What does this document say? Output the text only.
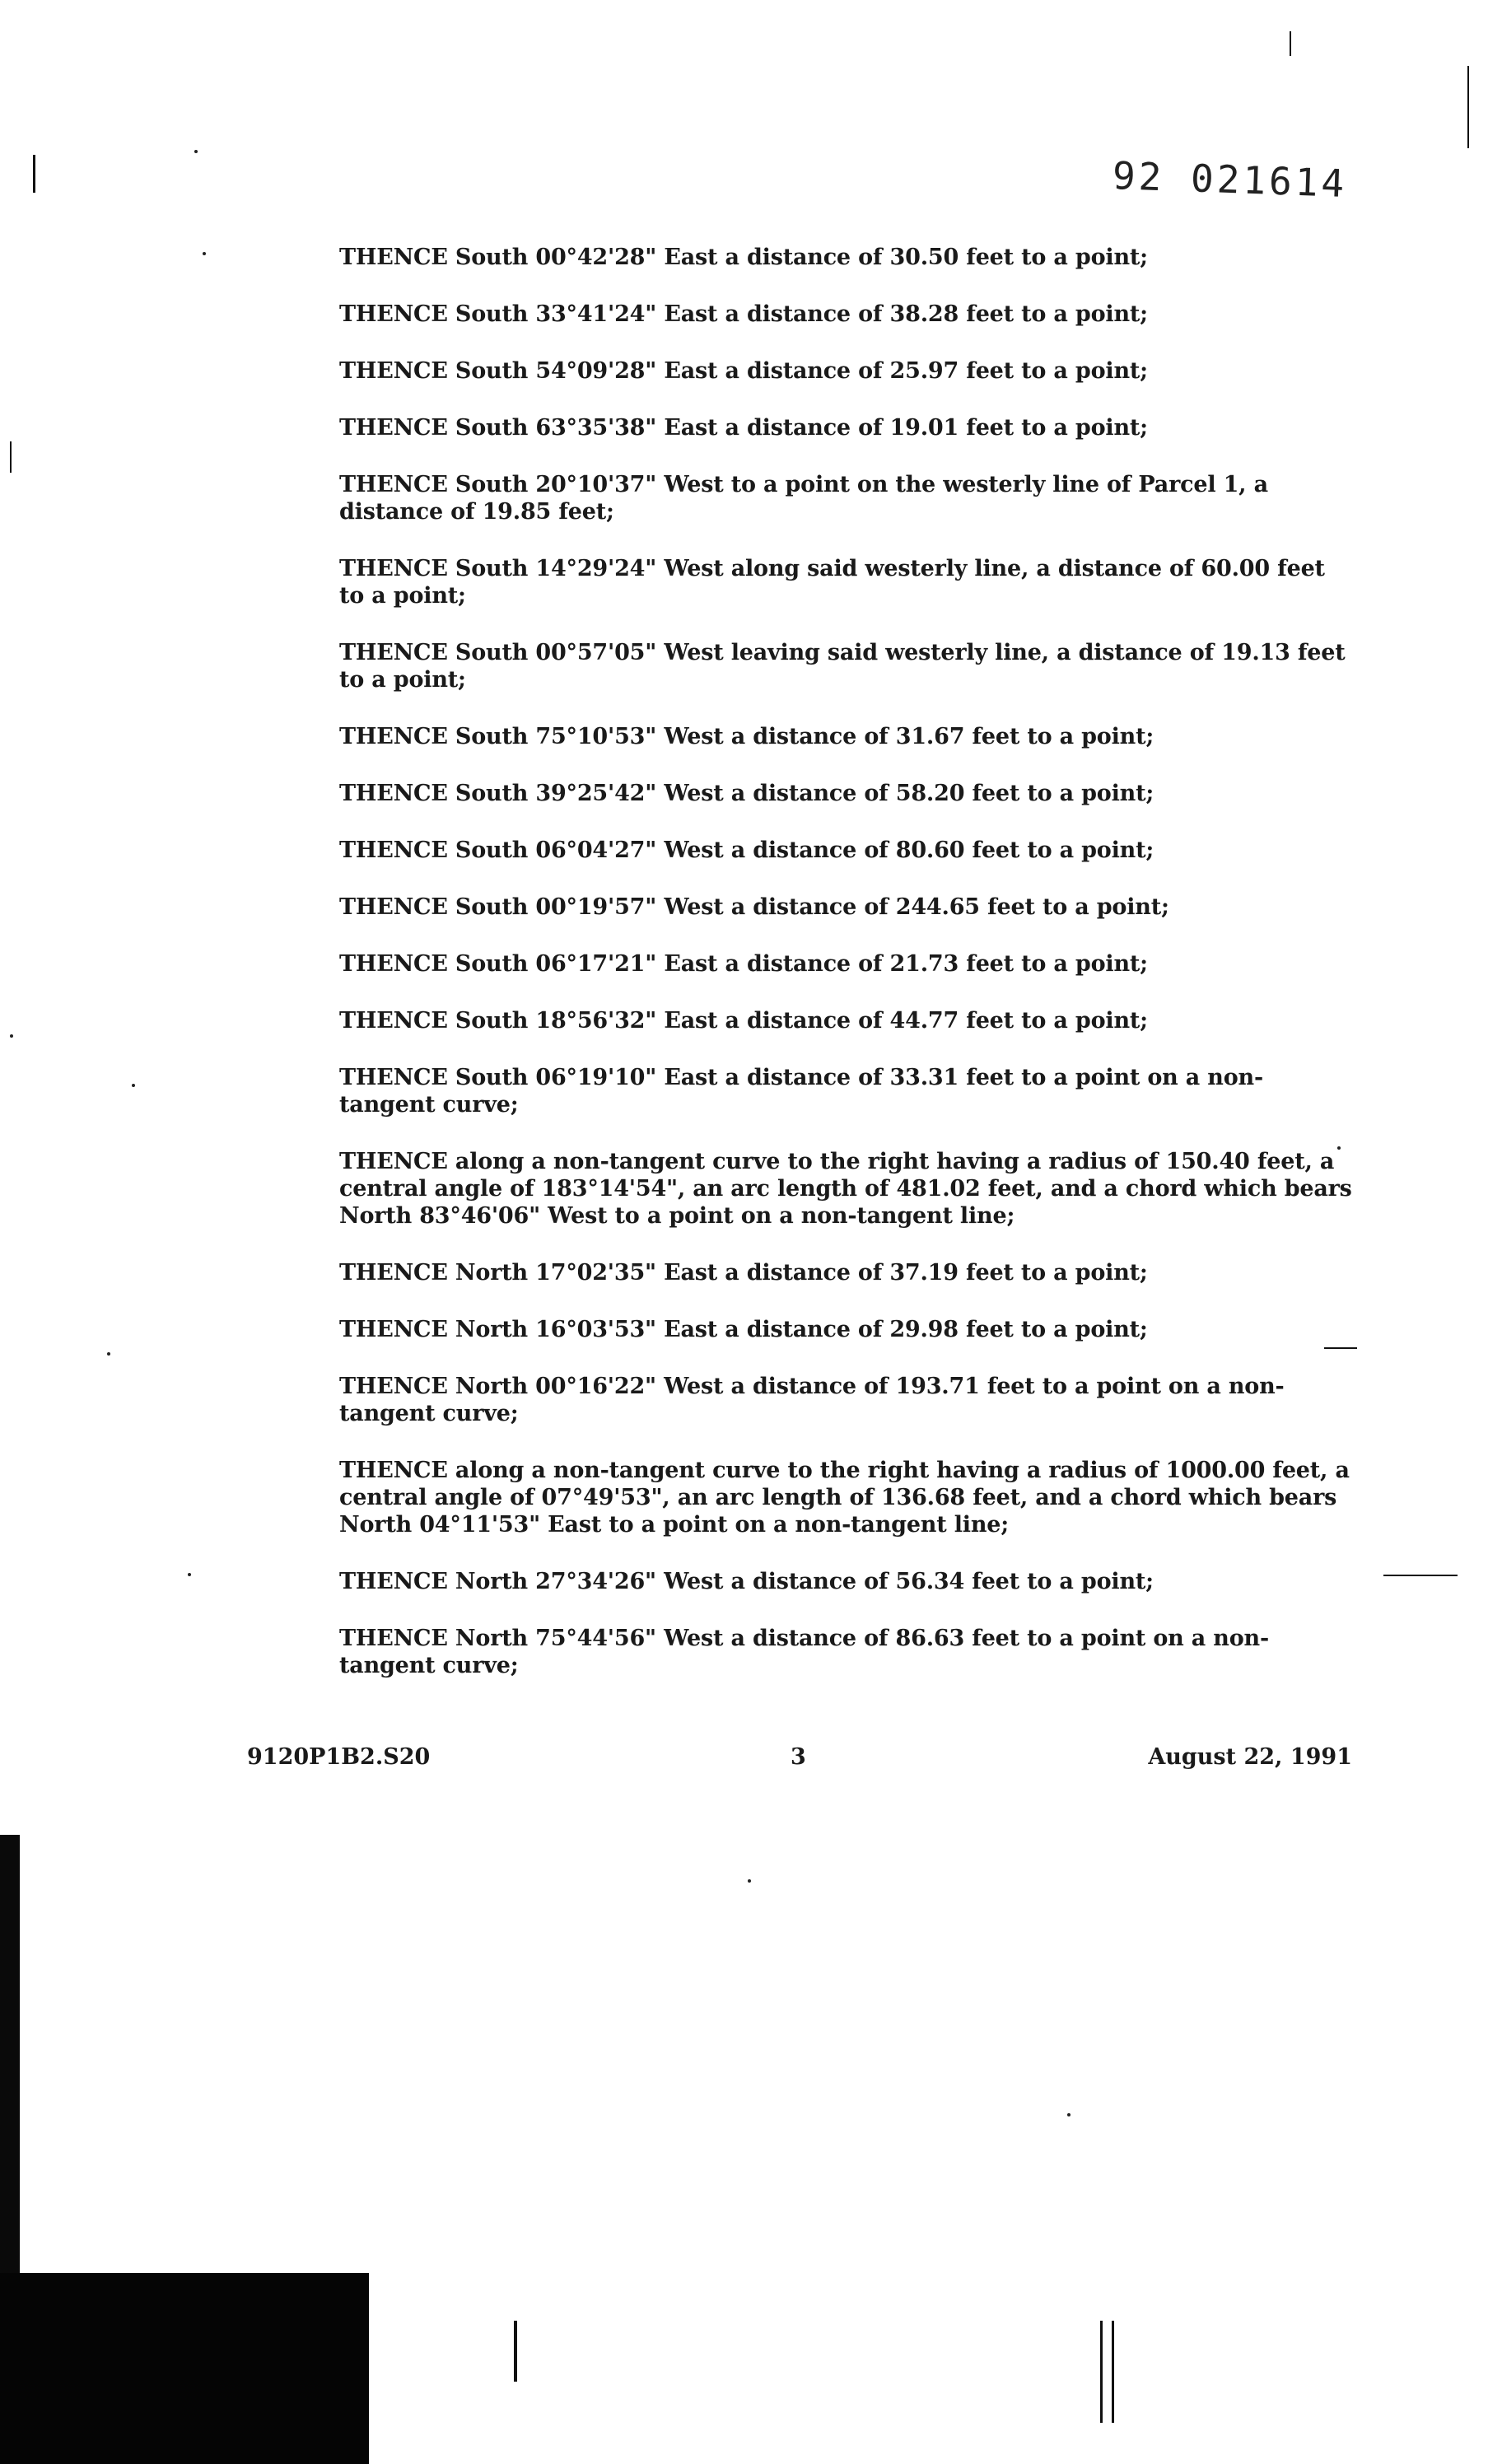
92 021614
THENCE South 00°42'28" East a distance of 30.50 feet to a point;
THENCE South 33°41'24" East a distance of 38.28 feet to a point;
THENCE South 54°09'28" East a distance of 25.97 feet to a point;
THENCE South 63°35'38" East a distance of 19.01 feet to a point;
THENCE South 20°10'37" West to a point on the westerly line of Parcel 1, a distance of 19.85 feet;
THENCE South 14°29'24" West along said westerly line, a distance of 60.00 feet to a point;
THENCE South 00°57'05" West leaving said westerly line, a distance of 19.13 feet to a point;
THENCE South 75°10'53" West a distance of 31.67 feet to a point;
THENCE South 39°25'42" West a distance of 58.20 feet to a point;
THENCE South 06°04'27" West a distance of 80.60 feet to a point;
THENCE South 00°19'57" West a distance of 244.65 feet to a point;
THENCE South 06°17'21" East a distance of 21.73 feet to a point;
THENCE South 18°56'32" East a distance of 44.77 feet to a point;
THENCE South 06°19'10" East a distance of 33.31 feet to a point on a non-tangent curve;
THENCE along a non-tangent curve to the right having a radius of 150.40 feet, a central angle of 183°14'54", an arc length of 481.02 feet, and a chord which bears North 83°46'06" West to a point on a non-tangent line;
THENCE North 17°02'35" East a distance of 37.19 feet to a point;
THENCE North 16°03'53" East a distance of 29.98 feet to a point;
THENCE North 00°16'22" West a distance of 193.71 feet to a point on a non-tangent curve;
THENCE along a non-tangent curve to the right having a radius of 1000.00 feet, a central angle of 07°49'53", an arc length of 136.68 feet, and a chord which bears North 04°11'53" East to a point on a non-tangent line;
THENCE North 27°34'26" West a distance of 56.34 feet to a point;
THENCE North 75°44'56" West a distance of 86.63 feet to a point on a non-tangent curve;
9120P1B2.S20	3	August 22, 1991
